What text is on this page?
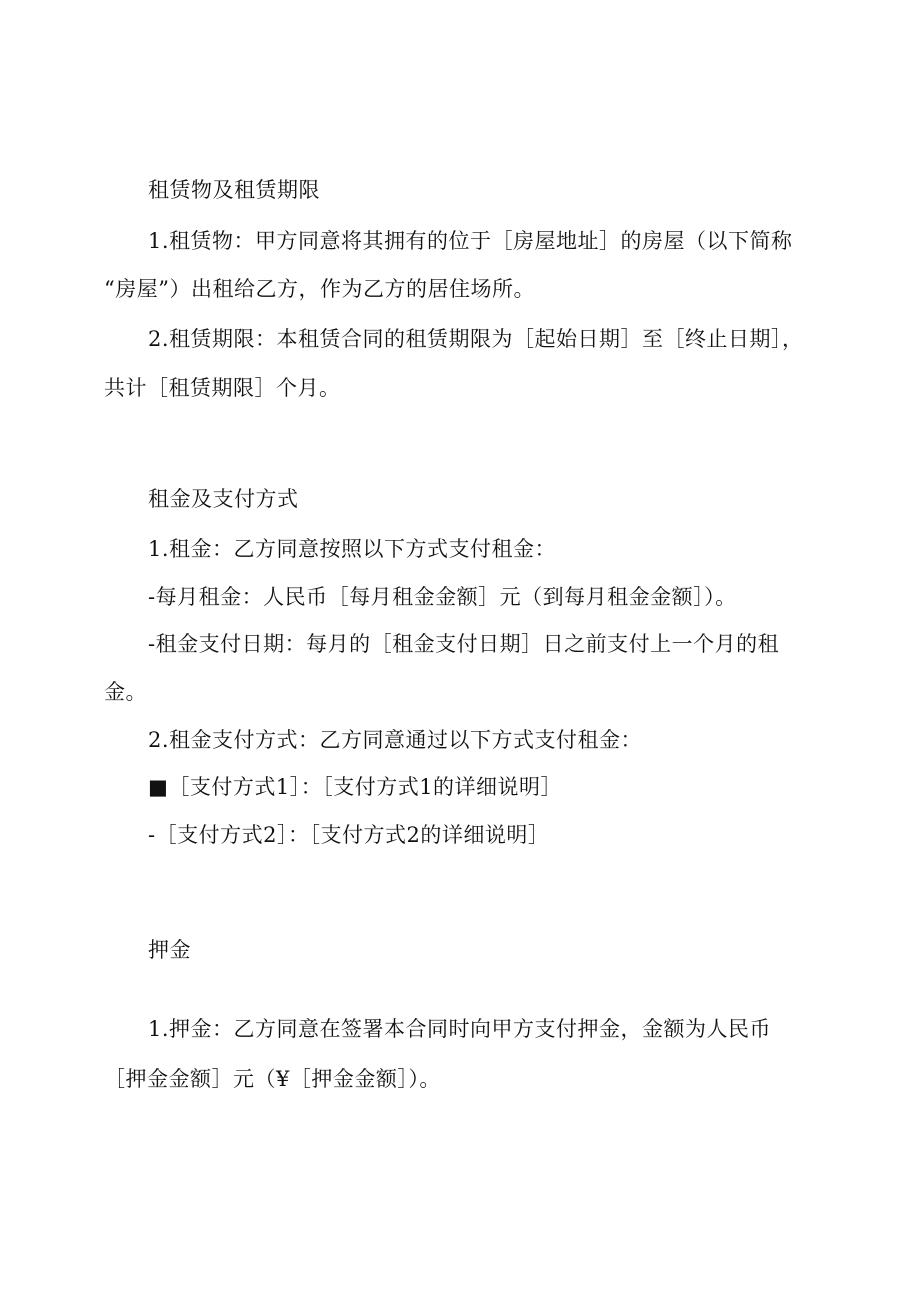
租赁物及租赁期限
1.租赁物：甲方同意将其拥有的位于［房屋地址］的房屋（以下简称
“房屋”）出租给乙方，作为乙方的居住场所。
2.租赁期限：本租赁合同的租赁期限为［起始日期］至［终止日期］，
共计［租赁期限］个月。
租金及支付方式
1.租金：乙方同意按照以下方式支付租金：
-每月租金：人民币［每月租金金额］元（到每月租金金额］）。
-租金支付日期：每月的［租金支付日期］日之前支付上一个月的租
金。
2.租金支付方式：乙方同意通过以下方式支付租金：
■［支付方式1］：［支付方式1的详细说明］
-［支付方式2］：［支付方式2的详细说明］
押金
1.押金：乙方同意在签署本合同时向甲方支付押金，金额为人民币
［押金金额］元（¥［押金金额］）。
